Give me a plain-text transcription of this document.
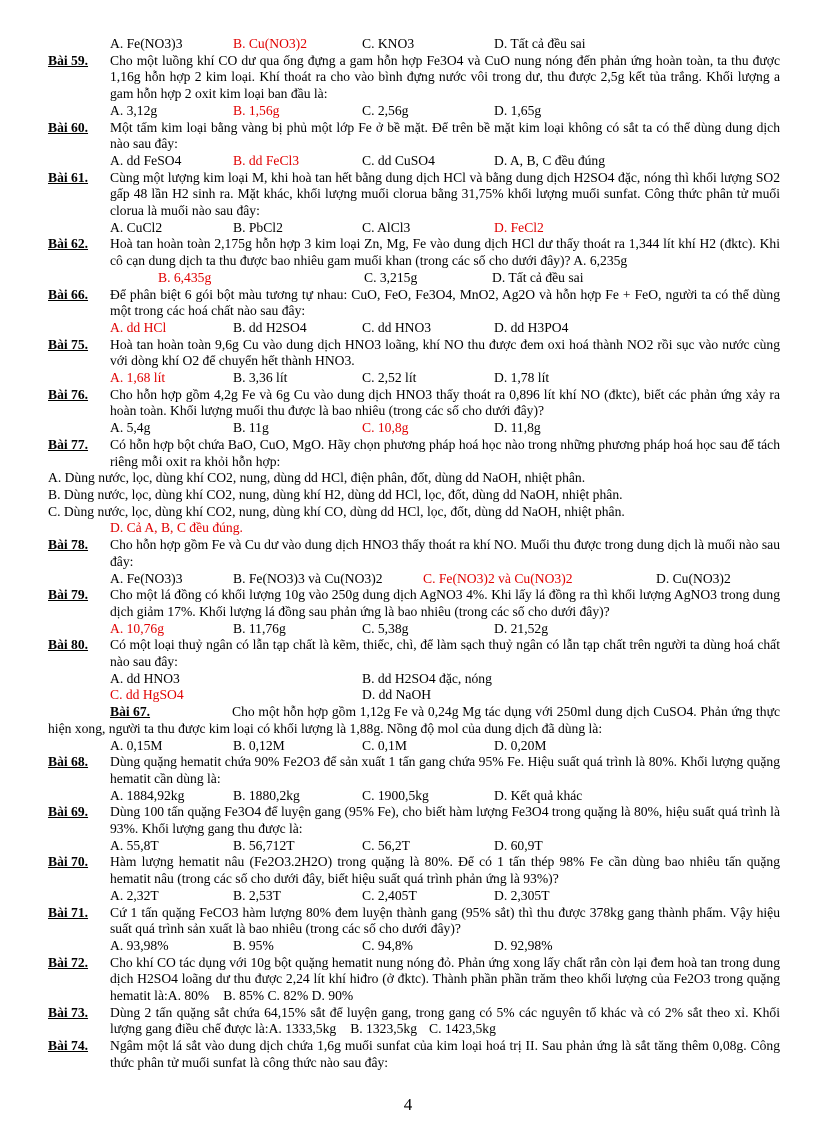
A. Fe(NO3)3	B. Cu(NO3)2	C. KNO3	D. Tất cả đều sai
Bài 59. Cho một luồng khí CO dư qua ống đựng a gam hỗn hợp Fe3O4 và CuO nung nóng đến phản ứng hoàn toàn, ta thu được 1,16g hỗn hợp 2 kim loại. Khí thoát ra cho vào bình đựng nước vôi trong dư, thu được 2,5g kết tủa trắng. Khối lượng a gam hỗn hợp 2 oxit kim loại ban đầu là:
A. 3,12g	B. 1,56g	C. 2,56g	D. 1,65g
Bài 60. Một tấm kim loại bằng vàng bị phủ một lớp Fe ở bề mặt. Để trên bề mặt kim loại không có sắt ta có thể dùng dung dịch nào sau đây:
A. dd FeSO4	B. dd FeCl3	C. dd CuSO4	D. A, B, C đều đúng
Bài 61. Cùng một lượng kim loại M, khi hoà tan hết bằng dung dịch HCl và bằng dung dịch H2SO4 đặc, nóng thì khối lượng SO2 gấp 48 lần H2 sinh ra. Mặt khác, khối lượng muối clorua bằng 31,75% khối lượng muối sunfat. Công thức phân tử muối clorua là muối nào sau đây:
A. CuCl2	B. PbCl2	C. AlCl3	D. FeCl2
Bài 62. Hoà tan hoàn toàn 2,175g hỗn hợp 3 kim loại Zn, Mg, Fe vào dung dịch HCl dư thấy thoát ra 1,344 lít khí H2 (đktc). Khi cô cạn dung dịch ta thu được bao nhiêu gam muối khan (trong các số cho dưới đây)? A. 6,235g
B. 6,435g	C. 3,215g	D. Tất cả đều sai
Bài 66. Để phân biệt 6 gói bột màu tương tự nhau: CuO, FeO, Fe3O4, MnO2, Ag2O và hỗn hợp Fe + FeO, người ta có thể dùng một trong các hoá chất nào sau đây:
A. dd HCl	B. dd H2SO4	C. dd HNO3	D. dd H3PO4
Bài 75. Hoà tan hoàn toàn 9,6g Cu vào dung dịch HNO3 loãng, khí NO thu được đem oxi hoá thành NO2 rồi sục vào nước cùng với dòng khí O2 để chuyển hết thành HNO3.
A. 1,68 lít	B. 3,36 lít	C. 2,52 lít	D. 1,78 lít
Bài 76. Cho hỗn hợp gồm 4,2g Fe và 6g Cu vào dung dịch HNO3 thấy thoát ra 0,896 lít khí NO (đktc), biết các phản ứng xảy ra hoàn toàn. Khối lượng muối thu được là bao nhiêu (trong các số cho dưới đây)?
A. 5,4g	B. 11g	C. 10,8g	D. 11,8g
Bài 77. Có hỗn hợp bột chứa BaO, CuO, MgO. Hãy chọn phương pháp hoá học nào trong những phương pháp hoá học sau để tách riêng mỗi oxit ra khỏi hỗn hợp:
A. Dùng nước, lọc, dùng khí CO2, nung, dùng dd HCl, điện phân, đốt, dùng dd NaOH, nhiệt phân.
B. Dùng nước, lọc, dùng khí CO2, nung, dùng khí H2, dùng dd HCl, lọc, đốt, dùng dd NaOH, nhiệt phân.
C. Dùng nước, lọc, dùng khí CO2, nung, dùng khí CO, dùng dd HCl, lọc, đốt, dùng dd NaOH, nhiệt phân.
D. Cả A, B, C đều đúng.
Bài 78. Cho hỗn hợp gồm Fe và Cu dư vào dung dịch HNO3 thấy thoát ra khí NO. Muối thu được trong dung dịch là muối nào sau đây:
A. Fe(NO3)3	B. Fe(NO3)3 và Cu(NO3)2	C. Fe(NO3)2 và Cu(NO3)2	D. Cu(NO3)2
Bài 79. Cho một lá đồng có khối lượng 10g vào 250g dung dịch AgNO3 4%. Khi lấy lá đồng ra thì khối lượng AgNO3 trong dung dịch giảm 17%. Khối lượng lá đồng sau phản ứng là bao nhiêu (trong các số cho dưới đây)?
A. 10,76g	B. 11,76g	C. 5,38g	D. 21,52g
Bài 80. Có một loại thuỷ ngân có lẫn tạp chất là kẽm, thiếc, chì, để làm sạch thuỷ ngân có lẫn tạp chất trên người ta dùng hoá chất nào sau đây:
A. dd HNO3	B. dd H2SO4 đặc, nóng
C. dd HgSO4	D. dd NaOH
Bài 67.	Cho một hỗn hợp gồm 1,12g Fe và 0,24g Mg tác dụng với 250ml dung dịch CuSO4. Phản ứng thực hiện xong, người ta thu được kim loại có khối lượng là 1,88g. Nồng độ mol của dung dịch đã dùng là:
A. 0,15M	B. 0,12M	C. 0,1M	D. 0,20M
Bài 68. Dùng quặng hematit chứa 90% Fe2O3 để sản xuất 1 tấn gang chứa 95% Fe. Hiệu suất quá trình là 80%. Khối lượng quặng hematit cần dùng là:
A. 1884,92kg	B. 1880,2kg	C. 1900,5kg	D. Kết quả khác
Bài 69. Dùng 100 tấn quặng Fe3O4 để luyện gang (95% Fe), cho biết hàm lượng Fe3O4 trong quặng là 80%, hiệu suất quá trình là 93%. Khối lượng gang thu được là:
A. 55,8T	B. 56,712T	C. 56,2T	D. 60,9T
Bài 70. Hàm lượng hematit nâu (Fe2O3.2H2O) trong quặng là 80%. Để có 1 tấn thép 98% Fe cần dùng bao nhiêu tấn quặng hematit nâu (trong các số cho dưới đây, biết hiệu suất quá trình phản ứng là 93%)?
A. 2,32T	B. 2,53T	C. 2,405T	D. 2,305T
Bài 71. Cứ 1 tấn quặng FeCO3 hàm lượng 80% đem luyện thành gang (95% sắt) thì thu được 378kg gang thành phẩm. Vậy hiệu suất quá trình sản xuất là bao nhiêu (trong các số cho dưới đây)?
A. 93,98%	B. 95%	C. 94,8%	D. 92,98%
Bài 72. Cho khí CO tác dụng với 10g bột quặng hematit nung nóng đỏ. Phản ứng xong lấy chất rắn còn lại đem hoà tan trong dung dịch H2SO4 loãng dư thu được 2,24 lít khí hiđro (ở đktc). Thành phần phần trăm theo khối lượng của Fe2O3 trong quặng hematit là:A. 80% B. 85% C. 82% D. 90%
Bài 73. Dùng 2 tấn quặng sắt chứa 64,15% sắt để luyện gang, trong gang có 5% các nguyên tố khác và có 2% sắt theo xỉ. Khối lượng gang điều chế được là:A. 1333,5kg B. 1323,5kg C. 1423,5kg
Bài 74. Ngâm một lá sắt vào dung dịch chứa 1,6g muối sunfat của kim loại hoá trị II. Sau phản ứng là sắt tăng thêm 0,08g. Công thức phân tử muối sunfat là công thức nào sau đây:
4
